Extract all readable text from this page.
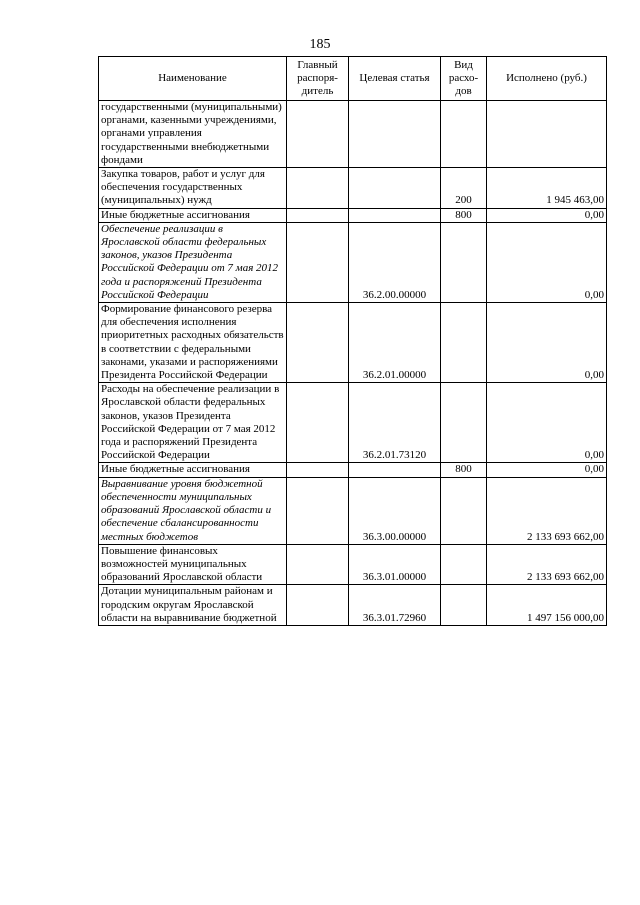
185
Наименование	Главный распоря-дитель	Целевая статья	Вид расхо-дов	Исполнено (руб.)
государственными (муниципальными) органами, казенными учреждениями, органами управления государственными внебюджетными фондами				
Закупка товаров, работ и услуг для обеспечения государственных (муниципальных) нужд			200	1 945 463,00
Иные бюджетные ассигнования			800	0,00
Обеспечение реализации в Ярославской области федеральных законов, указов Президента Российской Федерации от 7 мая 2012 года и распоряжений Президента Российской Федерации		36.2.00.00000		0,00
Формирование финансового резерва для обеспечения исполнения приоритетных расходных обязательств в соответствии с федеральными законами, указами и распоряжениями Президента Российской Федерации		36.2.01.00000		0,00
Расходы на обеспечение реализации в Ярославской области федеральных законов, указов Президента Российской Федерации от 7 мая 2012 года и распоряжений Президента Российской Федерации		36.2.01.73120		0,00
Иные бюджетные ассигнования			800	0,00
Выравнивание уровня бюджетной обеспеченности муниципальных образований Ярославской области и обеспечение сбалансированности местных бюджетов		36.3.00.00000		2 133 693 662,00
Повышение финансовых возможностей муниципальных образований Ярославской области		36.3.01.00000		2 133 693 662,00
Дотации муниципальным районам и городским округам Ярославской области на выравнивание бюджетной		36.3.01.72960		1 497 156 000,00
